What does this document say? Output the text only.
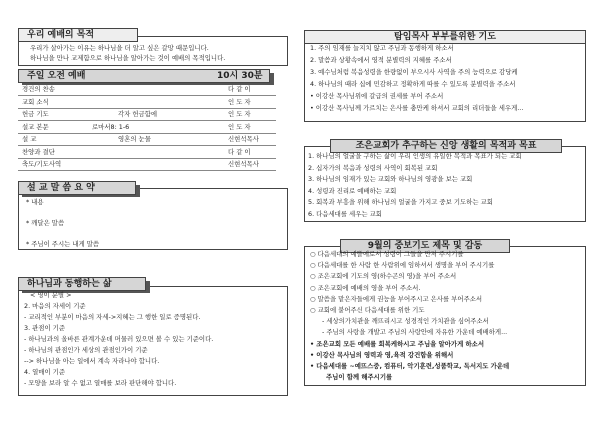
우리 예배의 목적
우리가 살아가는 이유는 하나님을 더 알고 싶은 갈망 때문입니다.
하나님을 만나 교제함으로 하나님을 알아가는 것이 예배의 목적입니다.
주일 오전 예배	10시 30분
경건의 찬송	다 같 이
교회 소식	인 도 자
헌금 기도	각자 헌금함에	인 도 자
설교 본문	로마서8: 1-6	인 도 자
설 교	영혼의 눈물	신현석목사
찬양과 결단	다 같 이
축도/기도사역	신현석목사
설 교 말 씀 요 약
* 내용
* 깨달은 말씀
* 주님이 주시는 내게 말씀
하나님과 동행하는 삶
< 영이 분별 >
2. 마음의 자세이 기준
- 교리적인 부분이 마음의 자세->지혜는 그 행한 일로 증명된다.
3. 관점이 기준
- 하나님과의 올바른 관계가운데 머물러 있으면 볼 수 있는 기준이다.
- 하나님의 관점인가 세상의 관점인가이 기준
--> 하나님을 아는 일에서 계속 자라나야 합니다.
4. 열매이 기준
- 모양을 보라 알 수 없고 열매를 보라 판단해야 합니다.
탐임목사 부부를위한 기도
1. 주의 임재를 늘지치 않고 주님과 동행하게 하소서
2. 말씀과 상황속에서 영적 분별력의 지혜를 주소서
3. 예수님처럼 복음성령을 한량없이 부으시사 사역을 주의 능력으로 감당케
4. 하나님의 때라 십에 민감하고 정확하게 따를 수 있도록 분별력을 주소서
• 이강산 목사님위에 갈급의 권세를 부어 주소서
• 이강산 목사님께 가르치는 은사를 충만케 하셔서 교회의 리더들을 세우게...
조은교회가 추구하는 신앙 생활의 목적과 목표
1. 하나님의 얼굴을 구하는 삶이 우리 인생의 유일한 목적과 목표가 되는 교회
2. 십자가의 복음과 성령의 사역이 회복된 교회
3. 하나님의 임재가 있는 교회와 하나님의 영광을 보는 교회
4. 성령과 진리로 예배하는 교회
5. 회복과 부흥을 위해 하나님의 얼굴을 가지고 중보 기도하는 교회
6. 다음세대를 세우는 교회
9월의 중보기도 제목 및 감동
○ 다음세대의 예뜰에로서 성령이 그들을 만져 주시기를
○ 다음세대를 한 사람 한 사람위에 임하셔서 생명을 부어 주시기를
○ 조은교회에 기도의 영(하수곤의 영)을 부어 주소서
○ 조은교회에 예배의 영을 부어 주소서.
○ 말씀을 맡은자들에게 권능을 부어주시고 은사를 부어주소서
○ 교회에 붙어주신 다음세대를 위한 기도
- 세상의가치관을 깨뜨리시고 성경적인 가치관을 심어주소서
- 주님의 사랑을 개발고 주님의 사랑안에 자유한 가운데 예배하게...
• 조은교회 모든 예배를 회복케하시고 주님을 알아가게 하소서
• 이강산 목사님의 영력과 영,육적 강건함을 위해서
• 다음세대를 ~예뜨스중, 컴퓨터, 악기훈련,성품학교, 독서지도 가운데
주님이 함께 해주시기를
